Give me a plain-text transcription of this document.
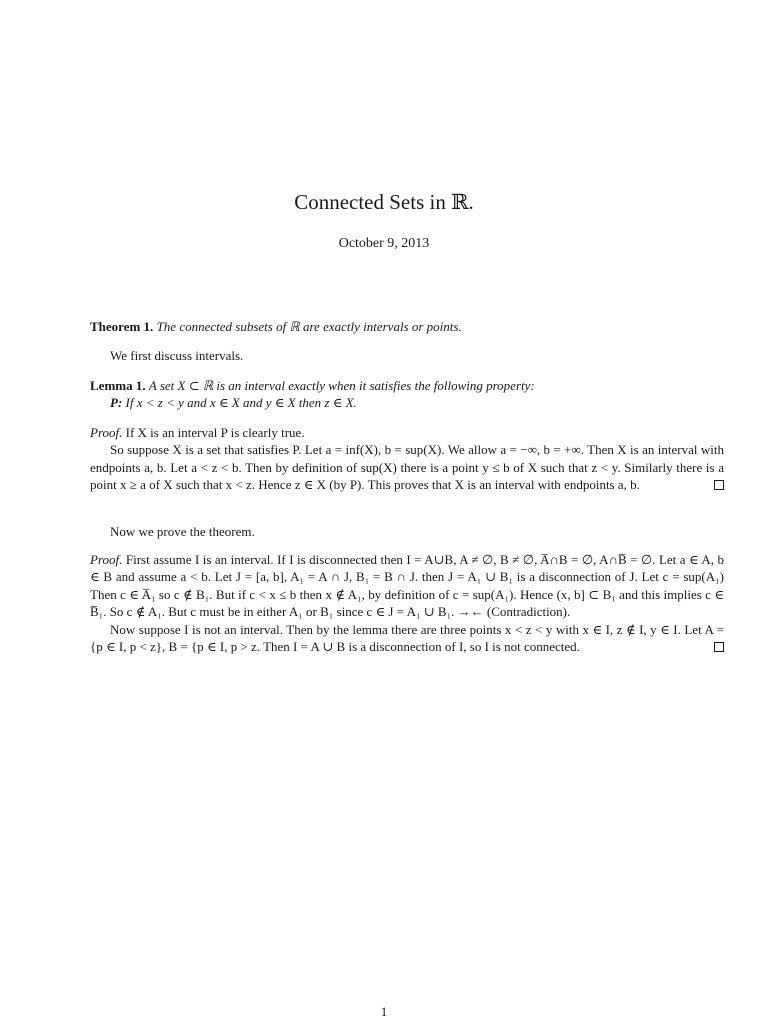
Connected Sets in ℝ.
October 9, 2013

Theorem 1. The connected subsets of ℝ are exactly intervals or points.

We first discuss intervals.

Lemma 1. A set X ⊂ ℝ is an interval exactly when it satisfies the following property:

P: If x < z < y and x ∈ X and y ∈ X then z ∈ X.

Proof. If X is an interval P is clearly true.

So suppose X is a set that satisfies P. Let a = inf(X), b = sup(X). We allow a = −∞, b = +∞. Then X is an interval with endpoints a, b. Let a < z < b. Then by definition of sup(X) there is a point y ≤ b of X such that z < y. Similarly there is a point x ≥ a of X such that x < z. Hence z ∈ X (by P). This proves that X is an interval with endpoints a, b.

Now we prove the theorem.

Proof. First assume I is an interval. If I is disconnected then I = A∪B, A ≠ ∅, B ≠ ∅, A̅∩B = ∅, A∩B̅ = ∅. Let a ∈ A, b ∈ B and assume a < b. Let J = [a, b], A₁ = A ∩ J, B₁ = B ∩ J. then J = A₁ ∪ B₁ is a disconnection of J. Let c = sup(A₁) Then c ∈ A̅₁ so c ∉ B₁. But if c < x ≤ b then x ∉ A₁, by definition of c = sup(A₁). Hence (x, b] ⊂ B₁ and this implies c ∈ B̅₁. So c ∉ A₁. But c must be in either A₁ or B₁ since c ∈ J = A₁ ∪ B₁. →← (Contradiction).

Now suppose I is not an interval. Then by the lemma there are three points x < z < y with x ∈ I, z ∉ I, y ∈ I. Let A = {p ∈ I, p < z}, B = {p ∈ I, p > z. Then I = A ∪ B is a disconnection of I, so I is not connected.

1
